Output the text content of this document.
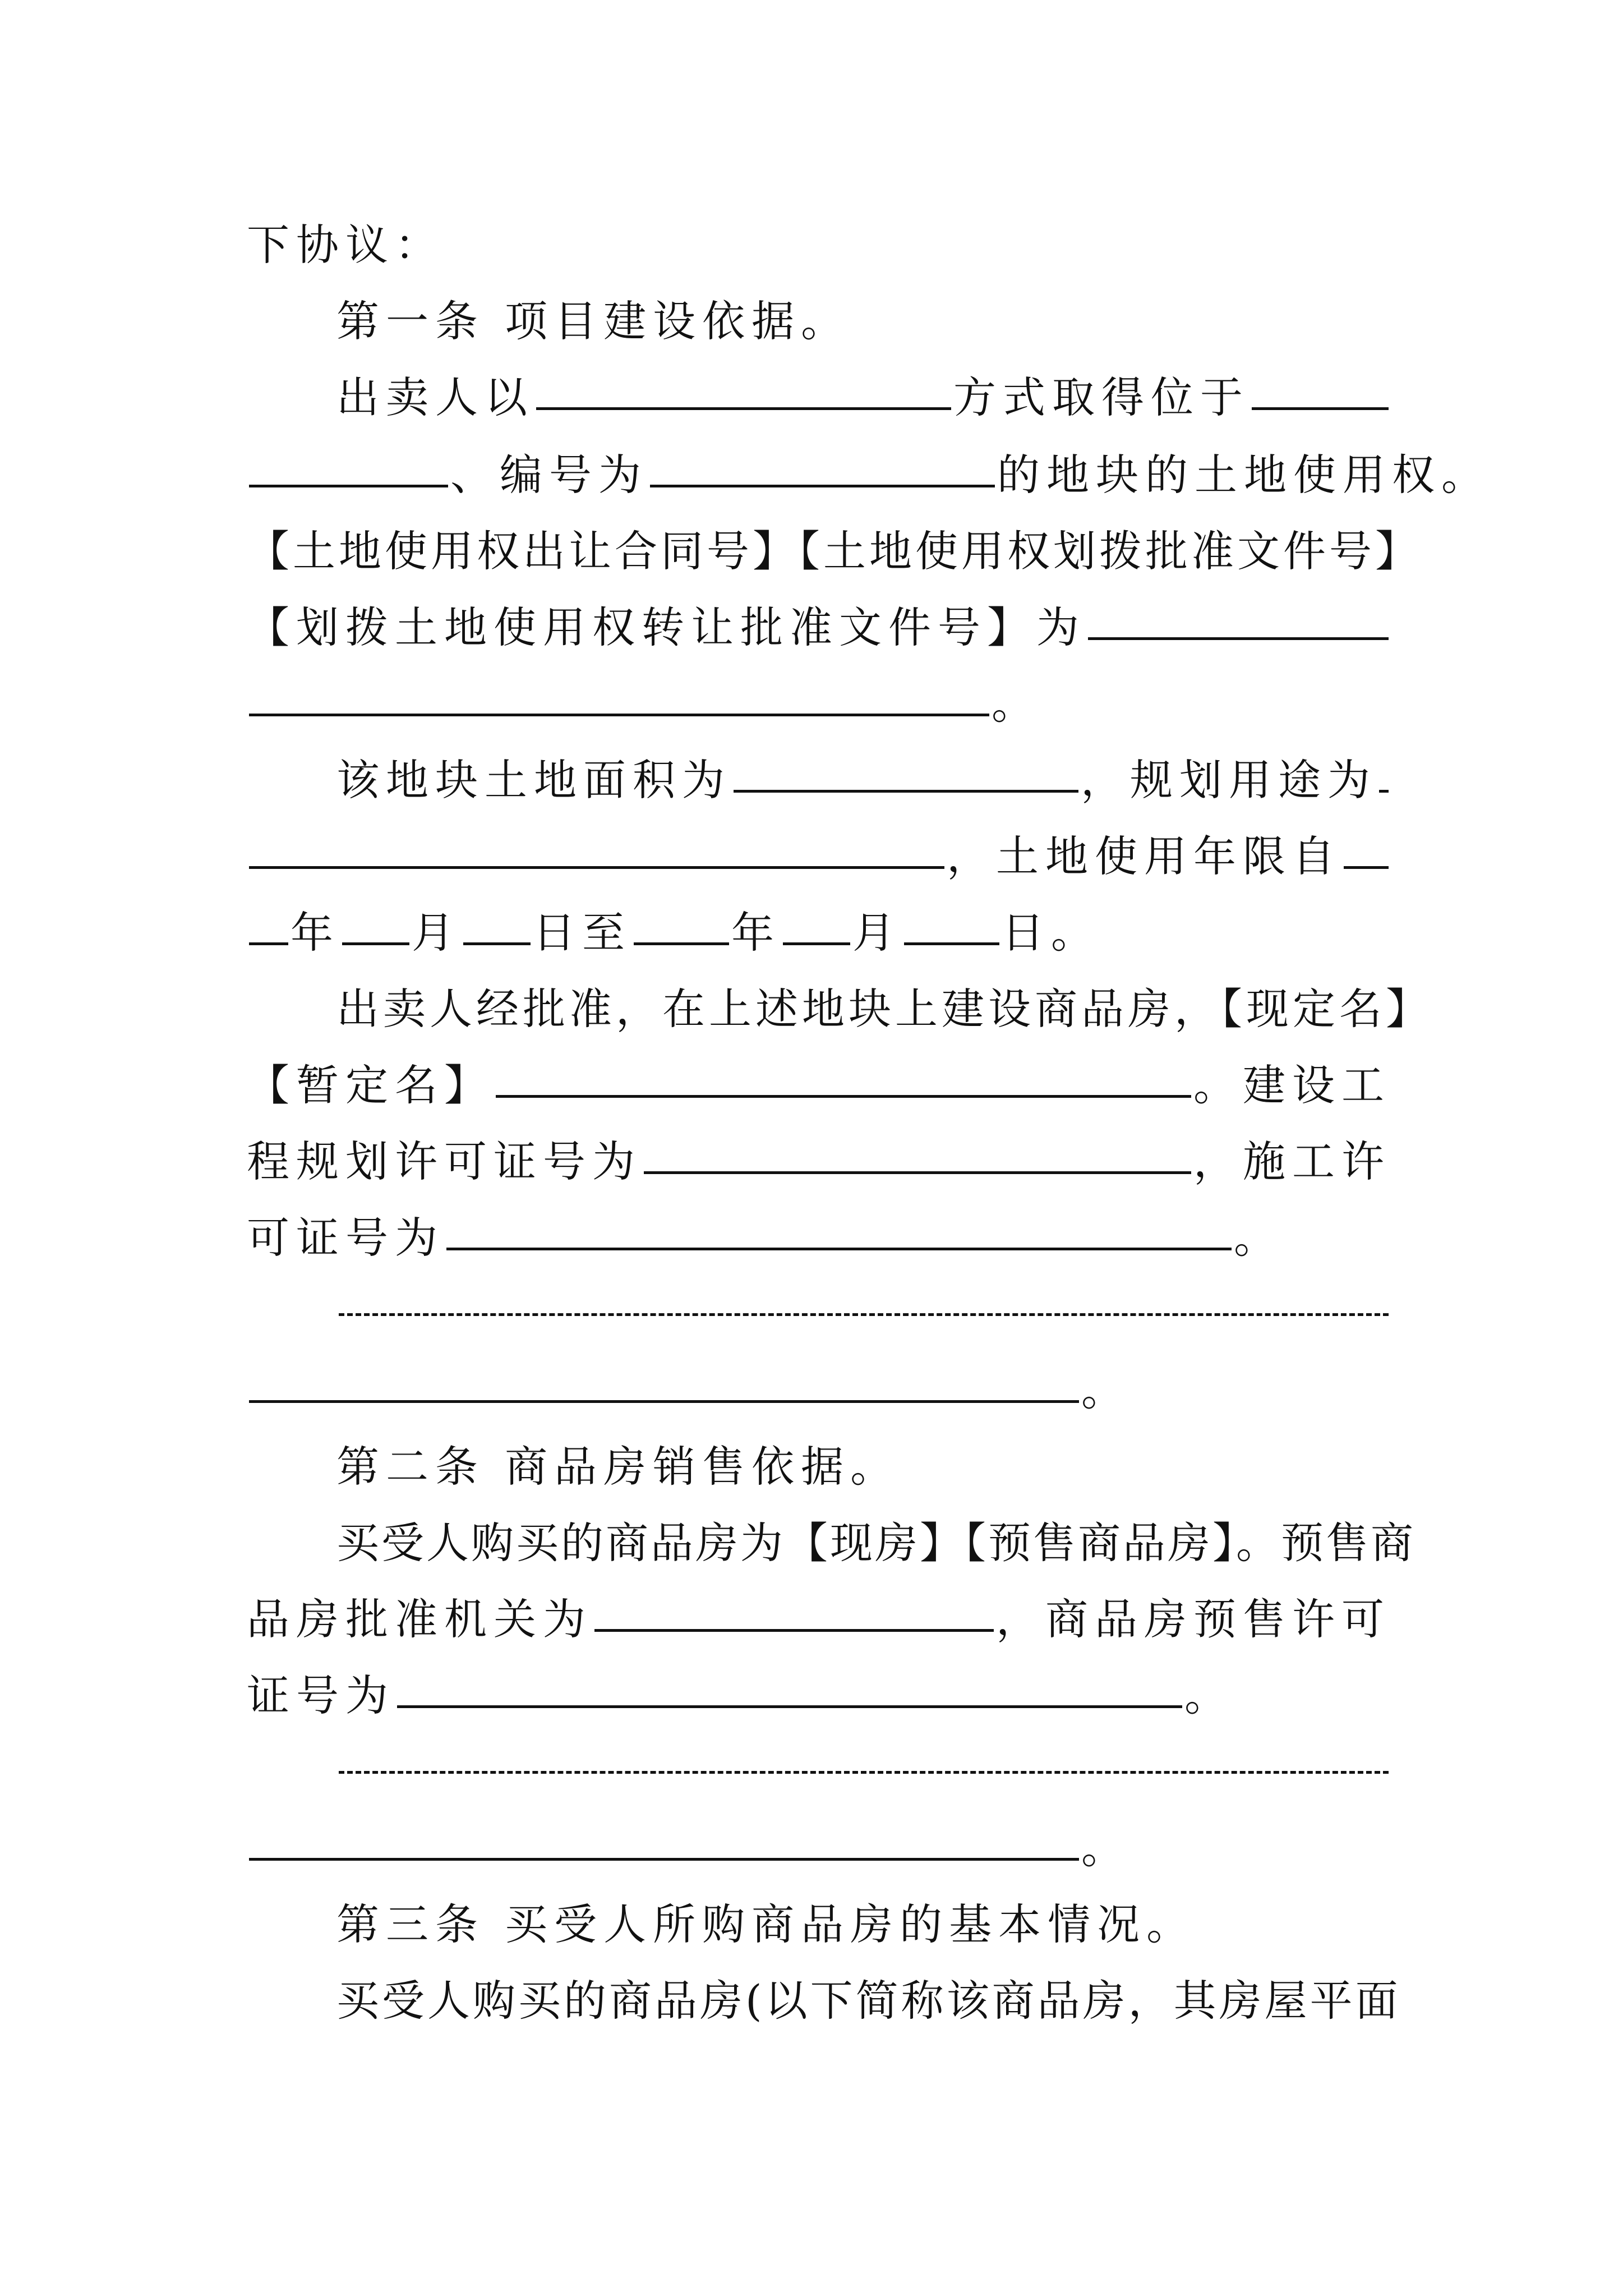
下协议：
第一条 项目建设依据。
出卖人以	方式取得位于
、编号为	的地块的土地使用权。
【土地使用权出让合同号】【土地使用权划拨批准文件号】
【划拨土地使用权转让批准文件号】为
。
该地块土地面积为	，规划用途为
，土地使用年限自
年 月 日至 年 月 日。
出卖人经批准，在上述地块上建设商品房，【现定名】
【暂定名】	。建设工
程规划许可证号为	，施工许
可证号为	。
。
第二条 商品房销售依据。
买受人购买的商品房为【现房】【预售商品房】。预售商
品房批准机关为	，商品房预售许可
证号为	。
。
第三条 买受人所购商品房的基本情况。
买受人购买的商品房(以下简称该商品房，其房屋平面
